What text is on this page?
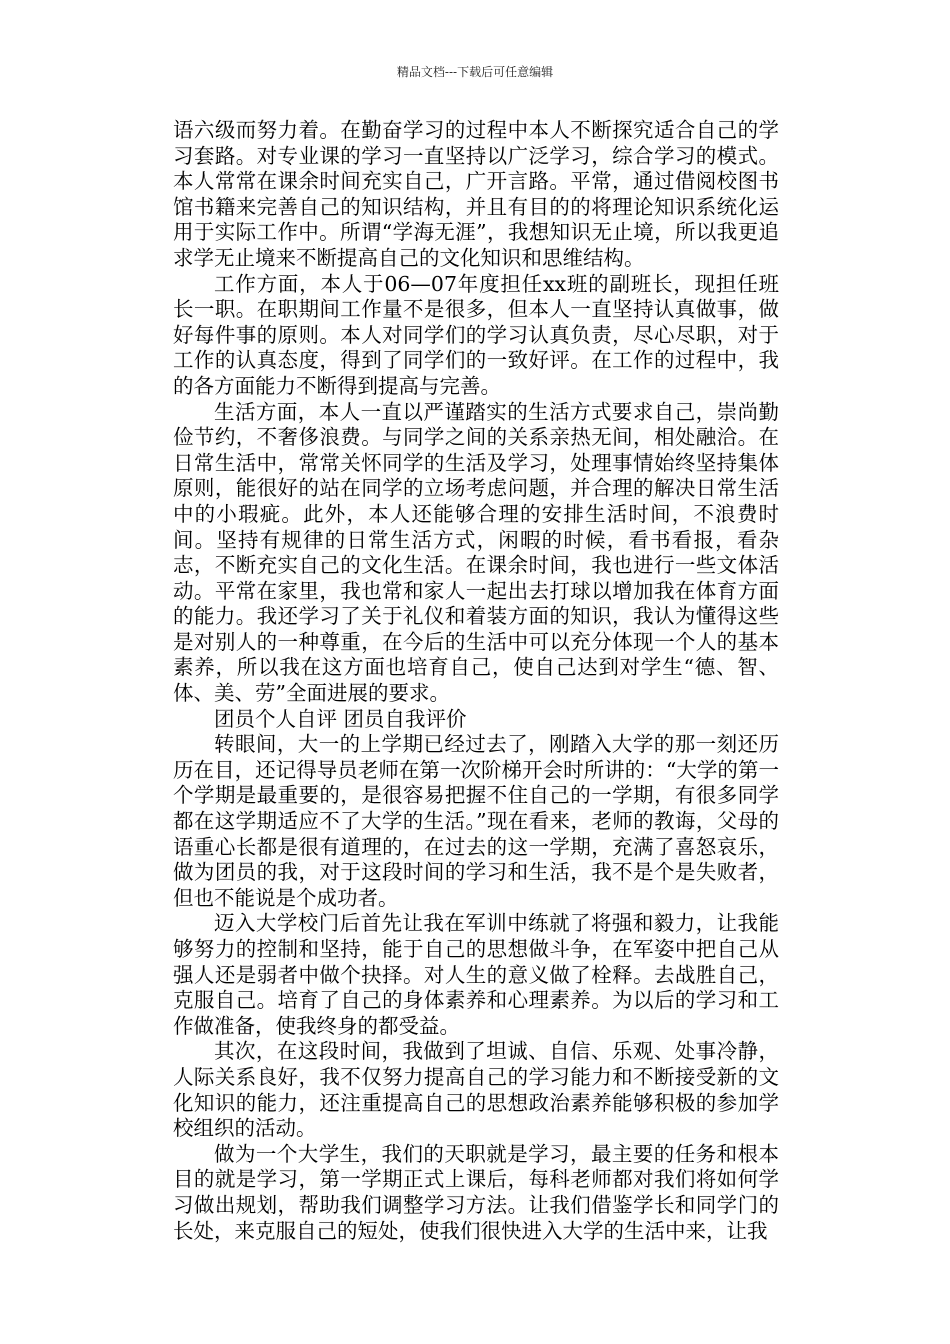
精品文档---下载后可任意编辑

语六级而努力着。在勤奋学习的过程中本人不断探究适合自己的学习套路。对专业课的学习一直坚持以广泛学习，综合学习的模式。本人常常在课余时间充实自己，广开言路。平常，通过借阅校图书馆书籍来完善自己的知识结构，并且有目的的将理论知识系统化运用于实际工作中。所谓“学海无涯”，我想知识无止境，所以我更追求学无止境来不断提高自己的文化知识和思维结构。

工作方面，本人于06—07年度担任xx班的副班长，现担任班长一职。在职期间工作量不是很多，但本人一直坚持认真做事，做好每件事的原则。本人对同学们的学习认真负责，尽心尽职，对于工作的认真态度，得到了同学们的一致好评。在工作的过程中，我的各方面能力不断得到提高与完善。

生活方面，本人一直以严谨踏实的生活方式要求自己，崇尚勤俭节约，不奢侈浪费。与同学之间的关系亲热无间，相处融洽。在日常生活中，常常关怀同学的生活及学习，处理事情始终坚持集体原则，能很好的站在同学的立场考虑问题，并合理的解决日常生活中的小瑕疵。此外，本人还能够合理的安排生活时间，不浪费时间。坚持有规律的日常生活方式，闲暇的时候，看书看报，看杂志，不断充实自己的文化生活。在课余时间，我也进行一些文体活动。平常在家里，我也常和家人一起出去打球以增加我在体育方面的能力。我还学习了关于礼仪和着装方面的知识，我认为懂得这些是对别人的一种尊重，在今后的生活中可以充分体现一个人的基本素养，所以我在这方面也培育自己，使自己达到对学生“德、智、体、美、劳”全面进展的要求。

团员个人自评 团员自我评价

转眼间，大一的上学期已经过去了，刚踏入大学的那一刻还历历在目，还记得导员老师在第一次阶梯开会时所讲的：“大学的第一个学期是最重要的，是很容易把握不住自己的一学期，有很多同学都在这学期适应不了大学的生活。”现在看来，老师的教诲，父母的语重心长都是很有道理的，在过去的这一学期，充满了喜怒哀乐，做为团员的我，对于这段时间的学习和生活，我不是个是失败者，但也不能说是个成功者。

迈入大学校门后首先让我在军训中练就了将强和毅力，让我能够努力的控制和坚持，能于自己的思想做斗争，在军姿中把自己从强人还是弱者中做个抉择。对人生的意义做了栓释。去战胜自己，克服自己。培育了自己的身体素养和心理素养。为以后的学习和工作做准备，使我终身的都受益。

其次，在这段时间，我做到了坦诚、自信、乐观、处事冷静，人际关系良好，我不仅努力提高自己的学习能力和不断接受新的文化知识的能力，还注重提高自己的思想政治素养能够积极的参加学校组织的活动。

做为一个大学生，我们的天职就是学习，最主要的任务和根本目的就是学习，第一学期正式上课后，每科老师都对我们将如何学习做出规划，帮助我们调整学习方法。让我们借鉴学长和同学门的长处，来克服自己的短处，使我们很快进入大学的生活中来，让我
